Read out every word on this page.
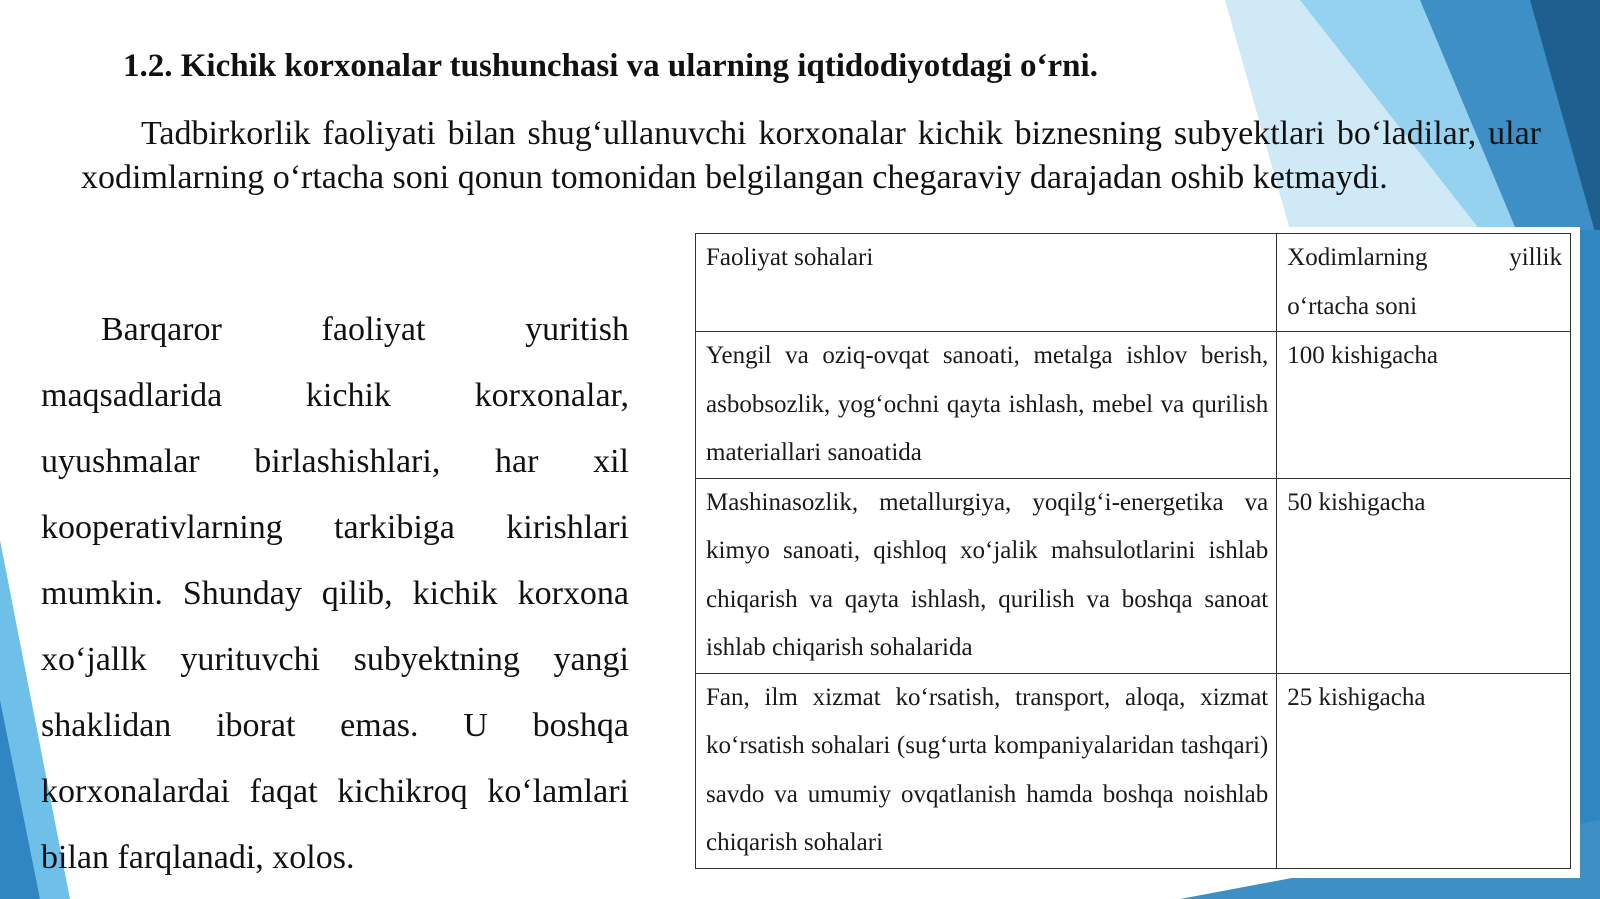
1.2. Kichik korxonalar tushunchasi va ularning iqtidodiyotdagi o‘rni.

Tadbirkorlik faoliyati bilan shug‘ullanuvchi korxonalar kichik biznesning subyektlari bo‘ladilar, ular xodimlarning o‘rtacha soni qonun tomonidan belgilangan chegaraviy darajadan oshib ketmaydi.

Barqaror faoliyat yuritish maqsadlarida kichik korxonalar, uyushmalar birlashishlari, har xil kooperativlarning tarkibiga kirishlari mumkin. Shunday qilib, kichik korxona xo‘jallk yurituvchi subyektning yangi shaklidan iborat emas. U boshqa korxonalardai faqat kichikroq ko‘lamlari bilan farqlanadi, xolos.

Faoliyat sohalari	Xodimlarning yillik o‘rtacha soni
Yengil va oziq-ovqat sanoati, metalga ishlov berish, asbobsozlik, yog‘ochni qayta ishlash, mebel va qurilish materiallari sanoatida	100 kishigacha
Mashinasozlik, metallurgiya, yoqilg‘i-energetika va kimyo sanoati, qishloq xo‘jalik mahsulotlarini ishlab chiqarish va qayta ishlash, qurilish va boshqa sanoat ishlab chiqarish sohalarida	50 kishigacha
Fan, ilm xizmat ko‘rsatish, transport, aloqa, xizmat ko‘rsatish sohalari (sug‘urta kompaniyalaridan tashqari) savdo va umumiy ovqatlanish hamda boshqa noishlab chiqarish sohalari	25 kishigacha
